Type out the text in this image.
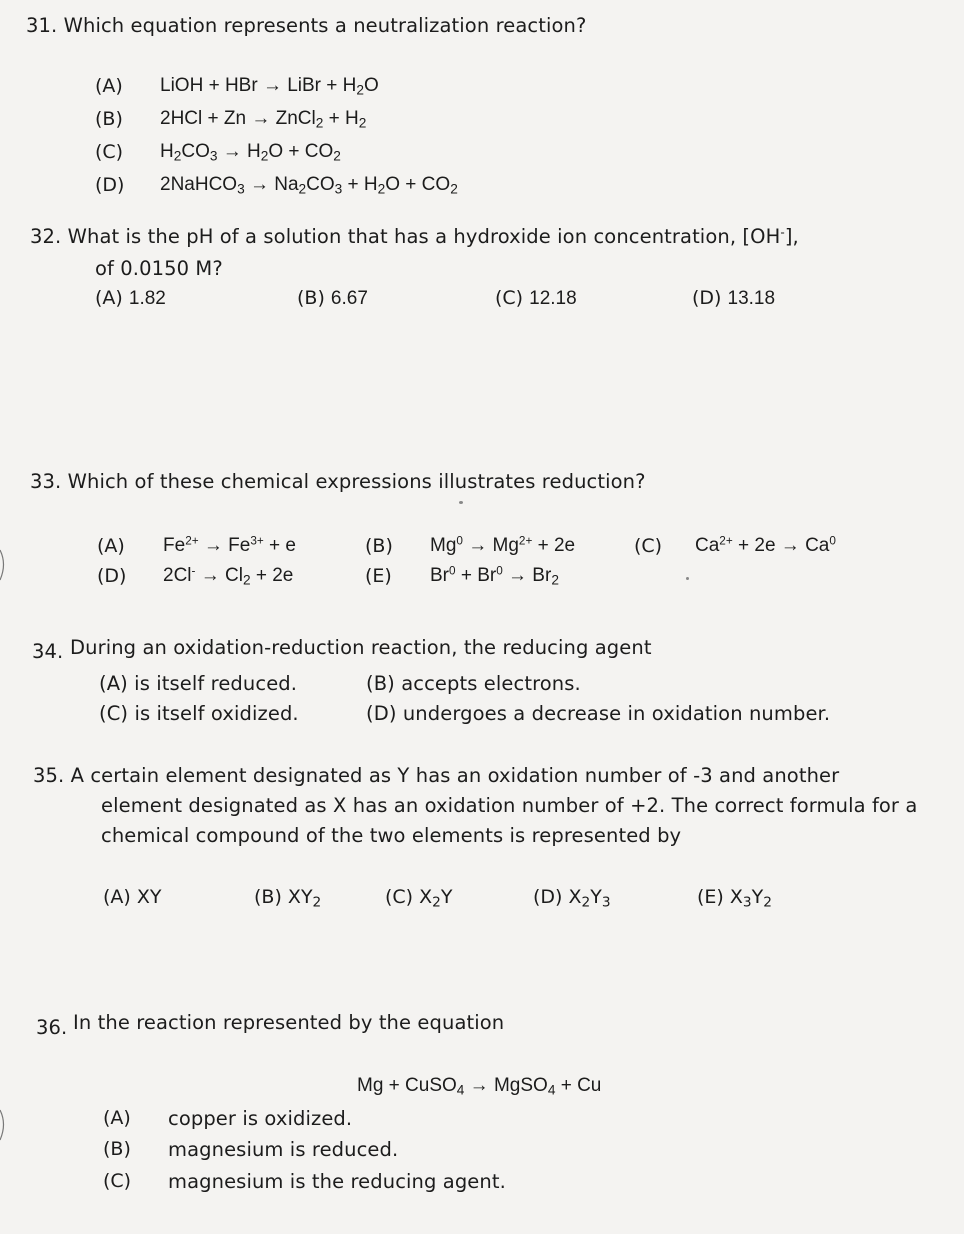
31. Which equation represents a neutralization reaction?
(A) LiOH + HBr → LiBr + $H_2O$
(B) 2HCl + Zn → ZnCl$_2$ + $H_2$
(C) $H_2CO_3 \to H_2O + CO_2$
(D) 2NaHCO$_3$ → $Na_2CO_3 + H_2O + CO_2$
32. What is the pH of a solution that has a hydroxide ion concentration, [OH-],
of 0.0150 M?
(A) 1.82	(B) 6.67	(C) 12.18	(D) 13.18
33. Which of these chemical expressions illustrates reduction?
(A) $Fe^{2+} \to Fe^{3+} + e$	(B) $Mg^0 \to Mg^{2+} + 2e$	(C) $Ca^{2+} + 2e \to Ca^0$
(D) $2Cl^- \to Cl_2 + 2e$	(E) $Br^0 + Br^0 \to Br_2$
34. During an oxidation-reduction reaction, the reducing agent
(A) is itself reduced.	(B) accepts electrons.
(C) is itself oxidized.	(D) undergoes a decrease in oxidation number.
35. A certain element designated as Y has an oxidation number of -3 and another
element designated as X has an oxidation number of +2. The correct formula for a
chemical compound of the two elements is represented by
(A) XY	(B) $XY_2$	(C) $X_2Y$	(D) $X_2Y_3$	(E) $X_3Y_2$
36. In the reaction represented by the equation
Mg + CuSO$_4$ → MgSO$_4$ + Cu
(A) copper is oxidized.
(B) magnesium is reduced.
(C) magnesium is the reducing agent.
